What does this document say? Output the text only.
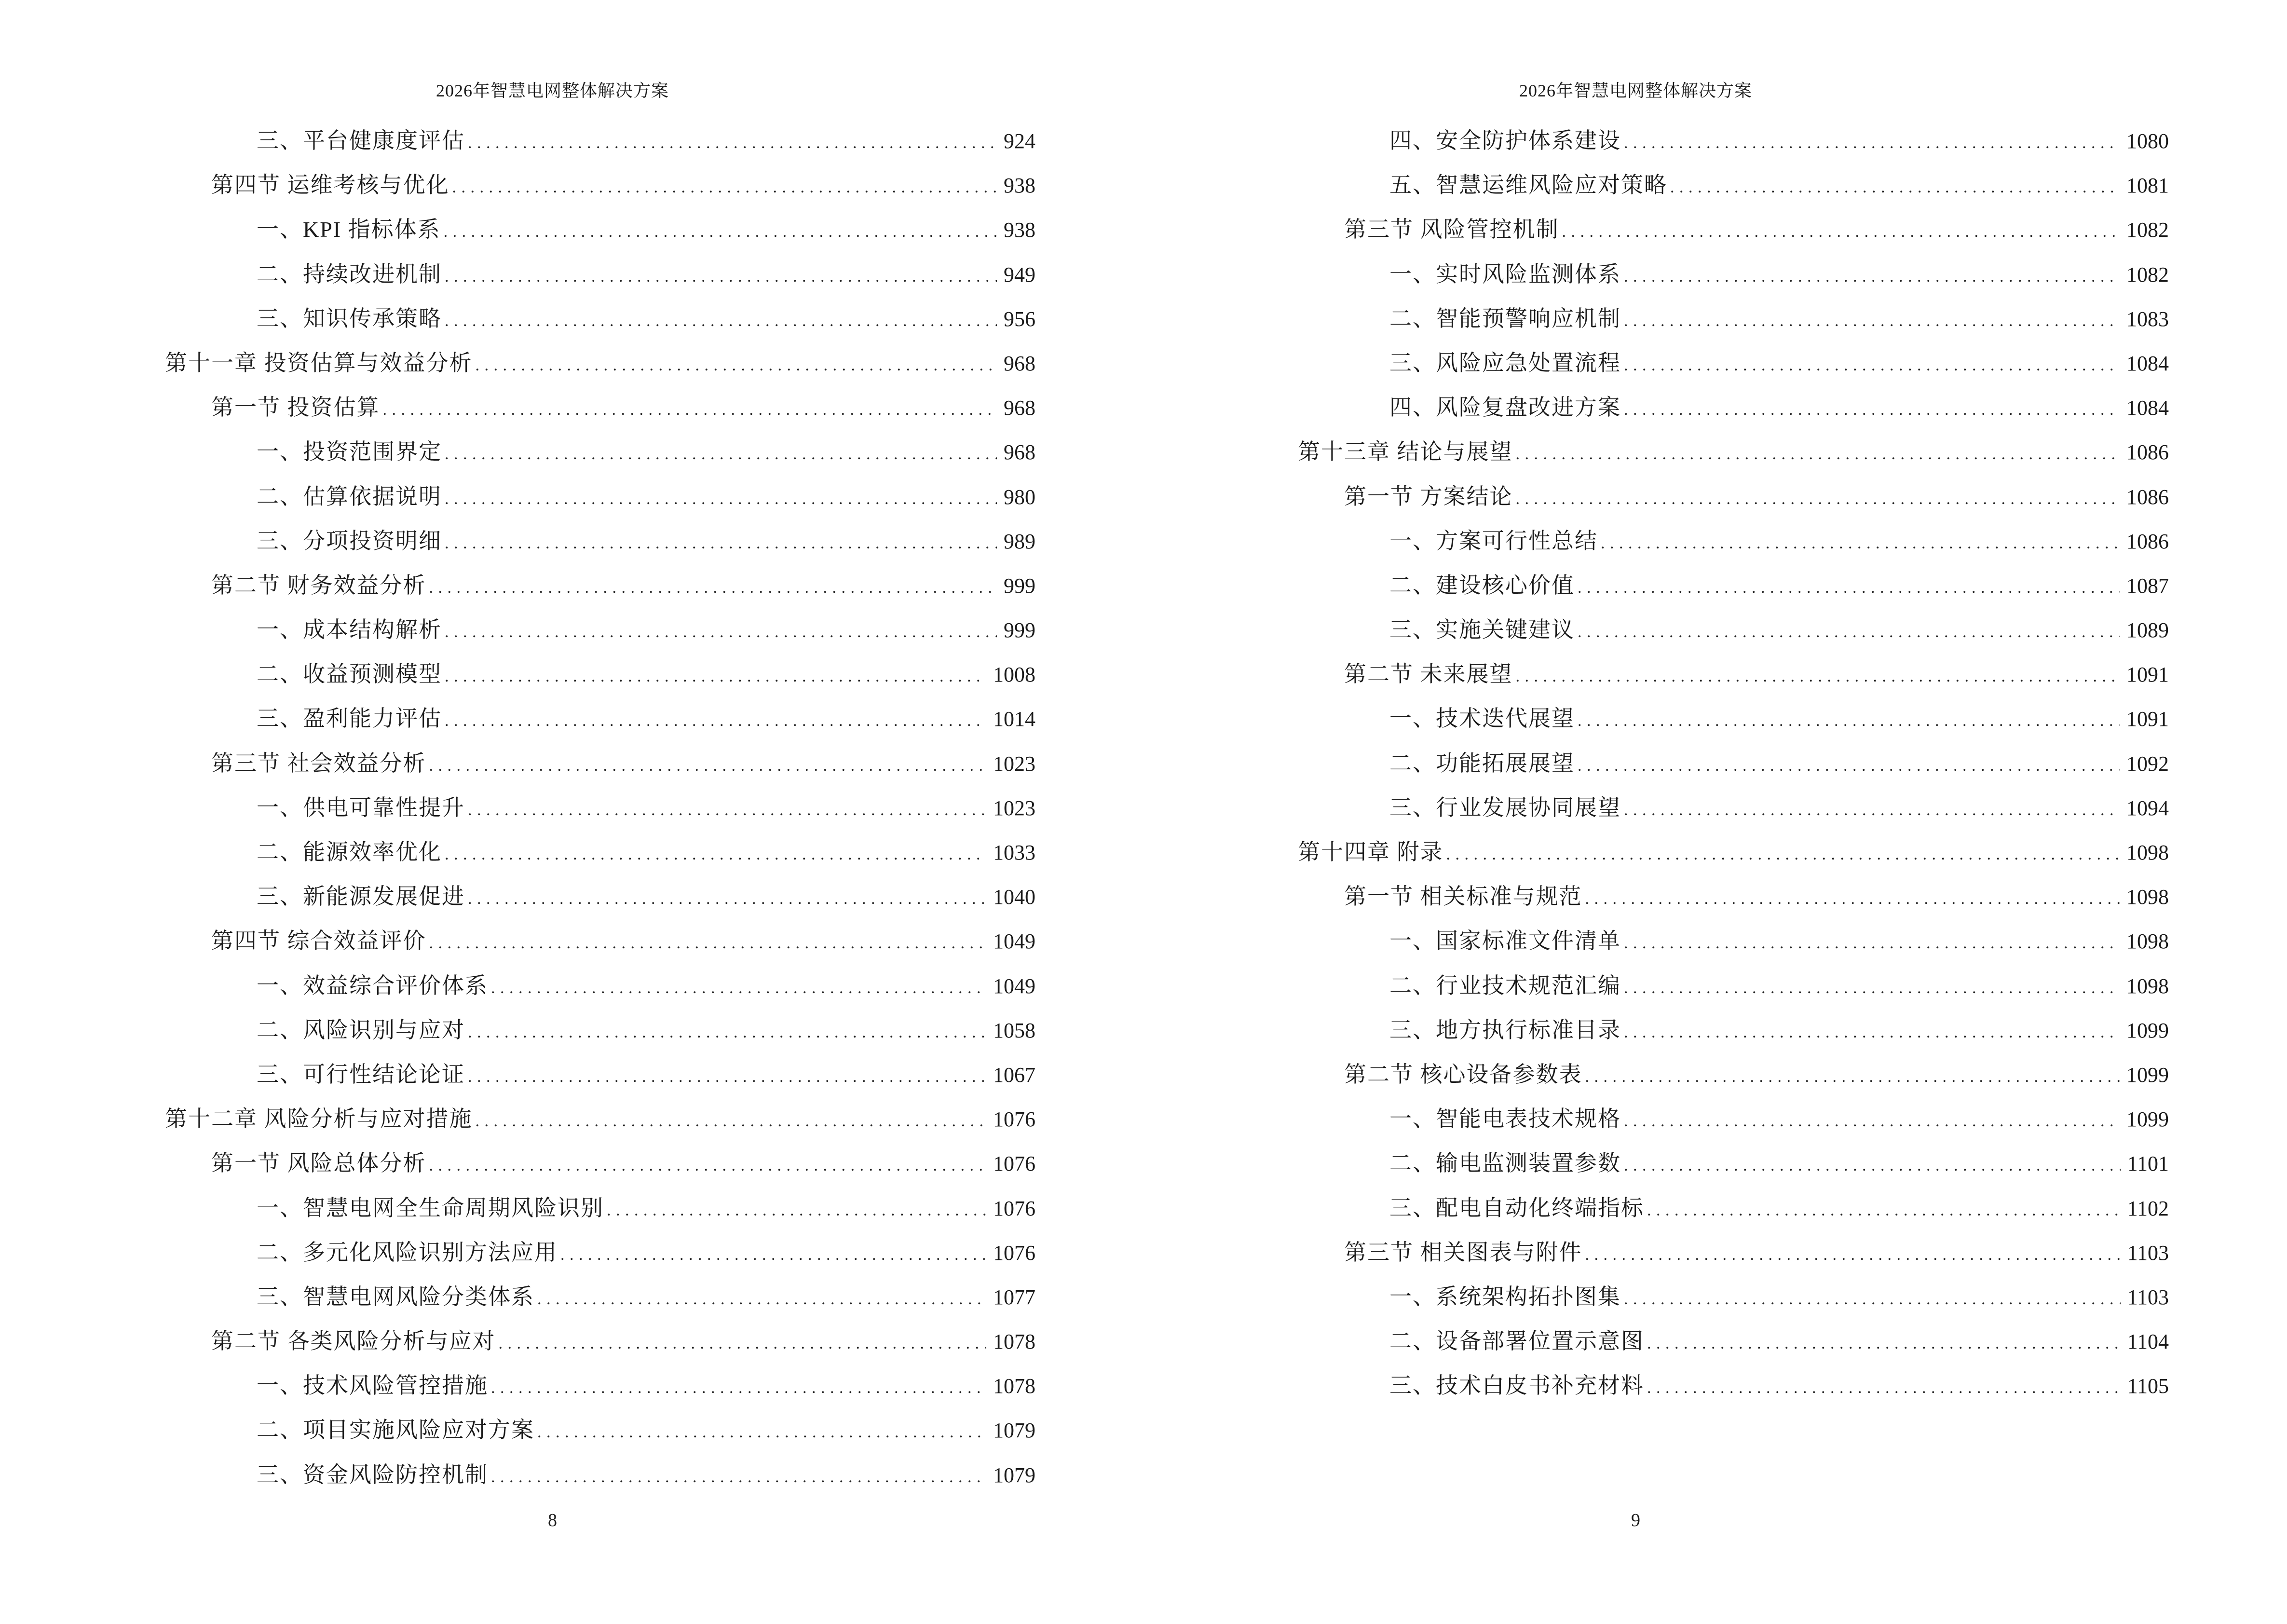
2026年智慧电网整体解决方案
三、平台健康度评估 .....	924
第四节 运维考核与优化 .....	938
一、KPI 指标体系 .....	938
二、持续改进机制 .....	949
三、知识传承策略 .....	956
第十一章 投资估算与效益分析 .....	968
第一节 投资估算 .....	968
一、投资范围界定 .....	968
二、估算依据说明 .....	980
三、分项投资明细 .....	989
第二节 财务效益分析 .....	999
一、成本结构解析 .....	999
二、收益预测模型 .....	1008
三、盈利能力评估 .....	1014
第三节 社会效益分析 .....	1023
一、供电可靠性提升 .....	1023
二、能源效率优化 .....	1033
三、新能源发展促进 .....	1040
第四节 综合效益评价 .....	1049
一、效益综合评价体系 .....	1049
二、风险识别与应对 .....	1058
三、可行性结论论证 .....	1067
第十二章 风险分析与应对措施 .....	1076
第一节 风险总体分析 .....	1076
一、智慧电网全生命周期风险识别 .....	1076
二、多元化风险识别方法应用 .....	1076
三、智慧电网风险分类体系 .....	1077
第二节 各类风险分析与应对 .....	1078
一、技术风险管控措施 .....	1078
二、项目实施风险应对方案 .....	1079
三、资金风险防控机制 .....	1079
8
2026年智慧电网整体解决方案
四、安全防护体系建设 .....	1080
五、智慧运维风险应对策略 .....	1081
第三节 风险管控机制 .....	1082
一、实时风险监测体系 .....	1082
二、智能预警响应机制 .....	1083
三、风险应急处置流程 .....	1084
四、风险复盘改进方案 .....	1084
第十三章 结论与展望 .....	1086
第一节 方案结论 .....	1086
一、方案可行性总结 .....	1086
二、建设核心价值 .....	1087
三、实施关键建议 .....	1089
第二节 未来展望 .....	1091
一、技术迭代展望 .....	1091
二、功能拓展展望 .....	1092
三、行业发展协同展望 .....	1094
第十四章 附录 .....	1098
第一节 相关标准与规范 .....	1098
一、国家标准文件清单 .....	1098
二、行业技术规范汇编 .....	1098
三、地方执行标准目录 .....	1099
第二节 核心设备参数表 .....	1099
一、智能电表技术规格 .....	1099
二、输电监测装置参数 .....	1101
三、配电自动化终端指标 .....	1102
第三节 相关图表与附件 .....	1103
一、系统架构拓扑图集 .....	1103
二、设备部署位置示意图 .....	1104
三、技术白皮书补充材料 .....	1105
9
